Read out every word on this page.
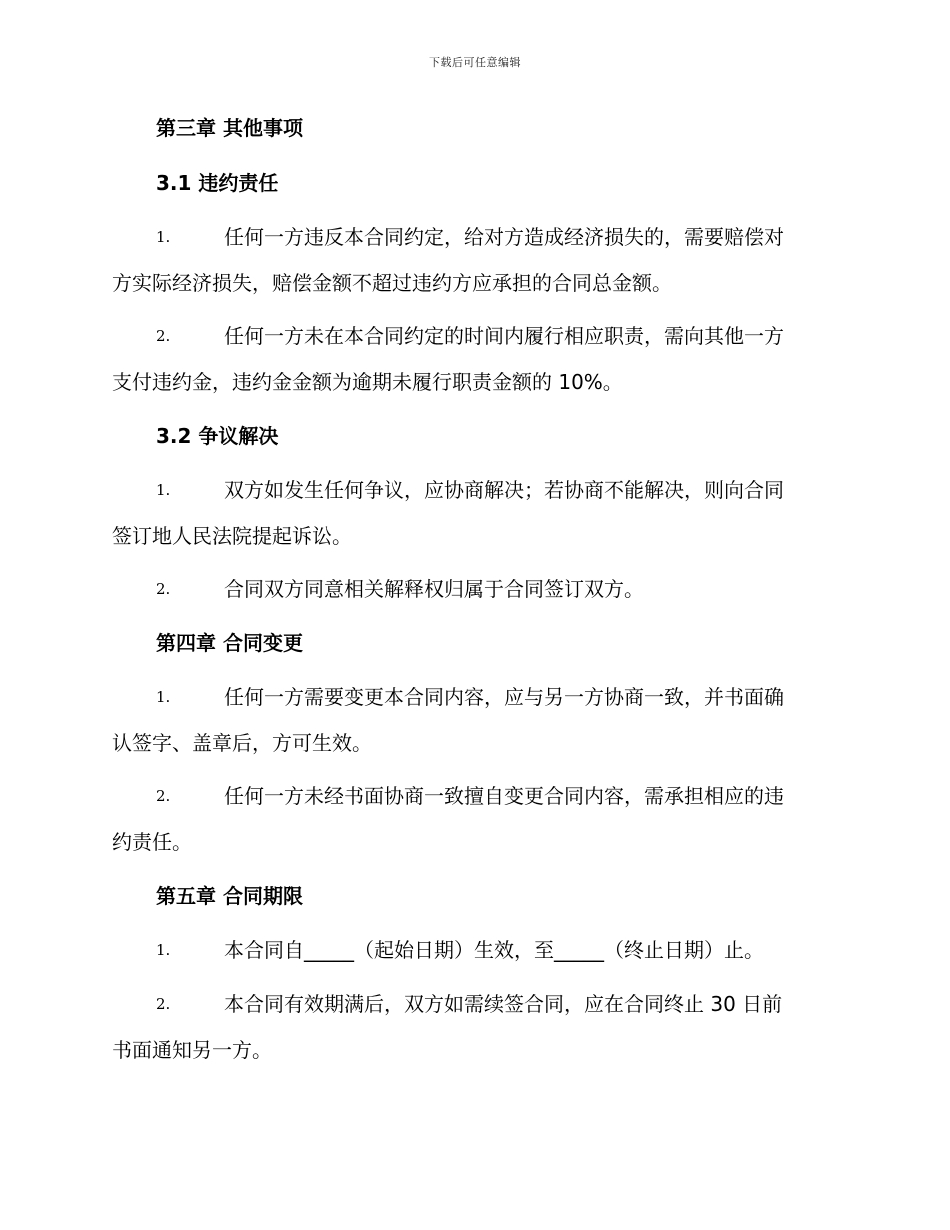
下载后可任意编辑
第三章 其他事项
3.1 违约责任
1.	任何一方违反本合同约定，给对方造成经济损失的，需要赔偿对
方实际经济损失，赔偿金额不超过违约方应承担的合同总金额。
2.	任何一方未在本合同约定的时间内履行相应职责，需向其他一方
支付违约金，违约金金额为逾期未履行职责金额的 10%。
3.2 争议解决
1.	双方如发生任何争议，应协商解决；若协商不能解决，则向合同
签订地人民法院提起诉讼。
2.	合同双方同意相关解释权归属于合同签订双方。
第四章 合同变更
1.	任何一方需要变更本合同内容，应与另一方协商一致，并书面确
认签字、盖章后，方可生效。
2.	任何一方未经书面协商一致擅自变更合同内容，需承担相应的违
约责任。
第五章 合同期限
1.	本合同自_____（起始日期）生效，至_____（终止日期）止。
2.	本合同有效期满后，双方如需续签合同，应在合同终止 30 日前
书面通知另一方。
